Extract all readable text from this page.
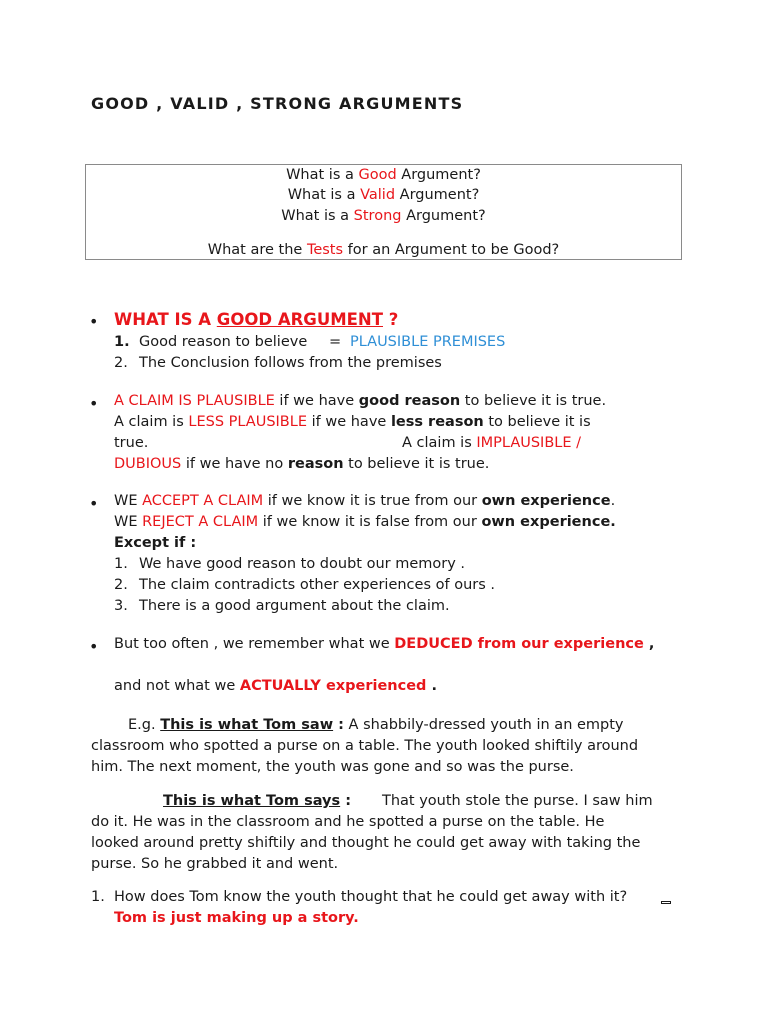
GOOD , VALID , STRONG ARGUMENTS
What is a Good Argument?
What is a Valid Argument?
What is a Strong Argument?
What are the Tests for an Argument to be Good?
• WHAT IS A GOOD ARGUMENT ?
1. Good reason to believe = PLAUSIBLE PREMISES
2. The Conclusion follows from the premises
• A CLAIM IS PLAUSIBLE if we have good reason to believe it is true.
A claim is LESS PLAUSIBLE if we have less reason to believe it is
true.	A claim is IMPLAUSIBLE /
DUBIOUS if we have no reason to believe it is true.
• WE ACCEPT A CLAIM if we know it is true from our own experience.
WE REJECT A CLAIM if we know it is false from our own experience.
Except if :
1. We have good reason to doubt our memory .
2. The claim contradicts other experiences of ours .
3. There is a good argument about the claim.
• But too often , we remember what we DEDUCED from our experience ,
and not what we ACTUALLY experienced .
E.g. This is what Tom saw : A shabbily-dressed youth in an empty
classroom who spotted a purse on a table. The youth looked shiftily around
him. The next moment, the youth was gone and so was the purse.
This is what Tom says : That youth stole the purse. I saw him
do it. He was in the classroom and he spotted a purse on the table. He
looked around pretty shiftily and thought he could get away with taking the
purse. So he grabbed it and went.
1. How does Tom know the youth thought that he could get away with it?
Tom is just making up a story.
